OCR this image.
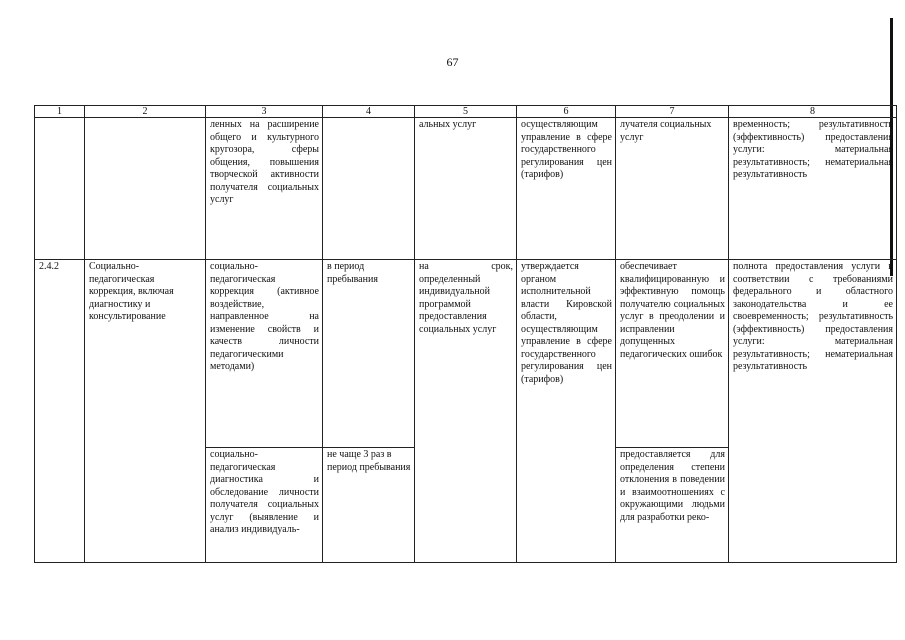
67
1	2	3	4	5	6	7	8
		ленных на расширение общего и культурного кругозора, сферы общения, повышения творческой активности получателя социальных услуг		альных услуг	осуществляющим управление в сфере государственного регулирования цен (тарифов)	лучателя социальных услуг	временность; результативность (эффективность) предоставления услуги: материальная результативность; нематериальная результативность
2.4.2	Социально-педагогическая коррекция, включая диагностику и консультирование	социально-педагогическая коррекция (активное воздействие, направленное на изменение свойств и качеств личности педагогическими методами)	в период пребывания	на срок, определенный индивидуальной программой предоставления социальных услуг	утверждается органом исполнительной власти Кировской области, осуществляющим управление в сфере государственного регулирования цен (тарифов)	обеспечивает квалифицированную и эффективную помощь получателю социальных услуг в преодолении и исправлении допущенных педагогических ошибок	полнота предоставления услуги в соответствии с требованиями федерального и областного законодательства и ее своевременность; результативность (эффективность) предоставления услуги: материальная результативность; нематериальная результативность
		социально-педагогическая диагностика и обследование личности получателя социальных услуг (выявление и анализ индивидуаль-	не чаще 3 раз в период пребывания			предоставляется для определения степени отклонения в поведении и взаимоотношениях с окружающими людьми для разработки реко-	
